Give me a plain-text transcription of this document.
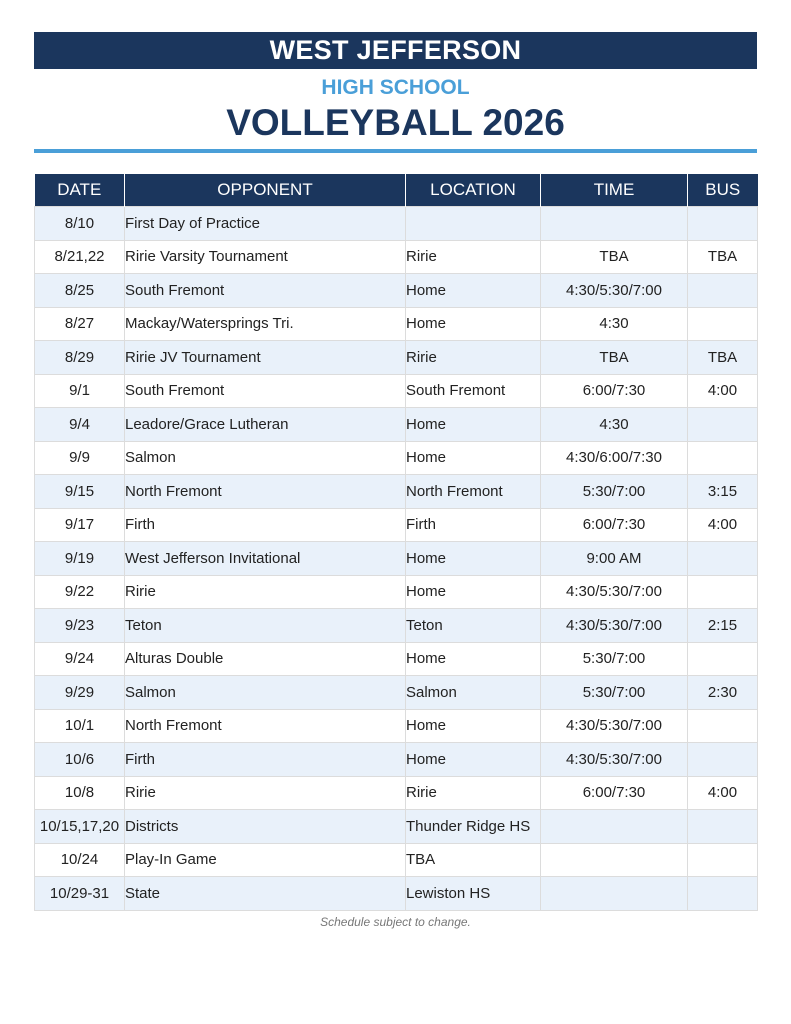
WEST JEFFERSON
HIGH SCHOOL
VOLLEYBALL 2026
DATE	OPPONENT	LOCATION	TIME	BUS
8/10	First Day of Practice			
8/21,22	Ririe Varsity Tournament	Ririe	TBA	TBA
8/25	South Fremont	Home	4:30/5:30/7:00	
8/27	Mackay/Watersprings Tri.	Home	4:30	
8/29	Ririe JV Tournament	Ririe	TBA	TBA
9/1	South Fremont	South Fremont	6:00/7:30	4:00
9/4	Leadore/Grace Lutheran	Home	4:30	
9/9	Salmon	Home	4:30/6:00/7:30	
9/15	North Fremont	North Fremont	5:30/7:00	3:15
9/17	Firth	Firth	6:00/7:30	4:00
9/19	West Jefferson Invitational	Home	9:00 AM	
9/22	Ririe	Home	4:30/5:30/7:00	
9/23	Teton	Teton	4:30/5:30/7:00	2:15
9/24	Alturas Double	Home	5:30/7:00	
9/29	Salmon	Salmon	5:30/7:00	2:30
10/1	North Fremont	Home	4:30/5:30/7:00	
10/6	Firth	Home	4:30/5:30/7:00	
10/8	Ririe	Ririe	6:00/7:30	4:00
10/15,17,20	Districts	Thunder Ridge HS		
10/24	Play-In Game	TBA		
10/29-31	State	Lewiston HS		
Schedule subject to change.
